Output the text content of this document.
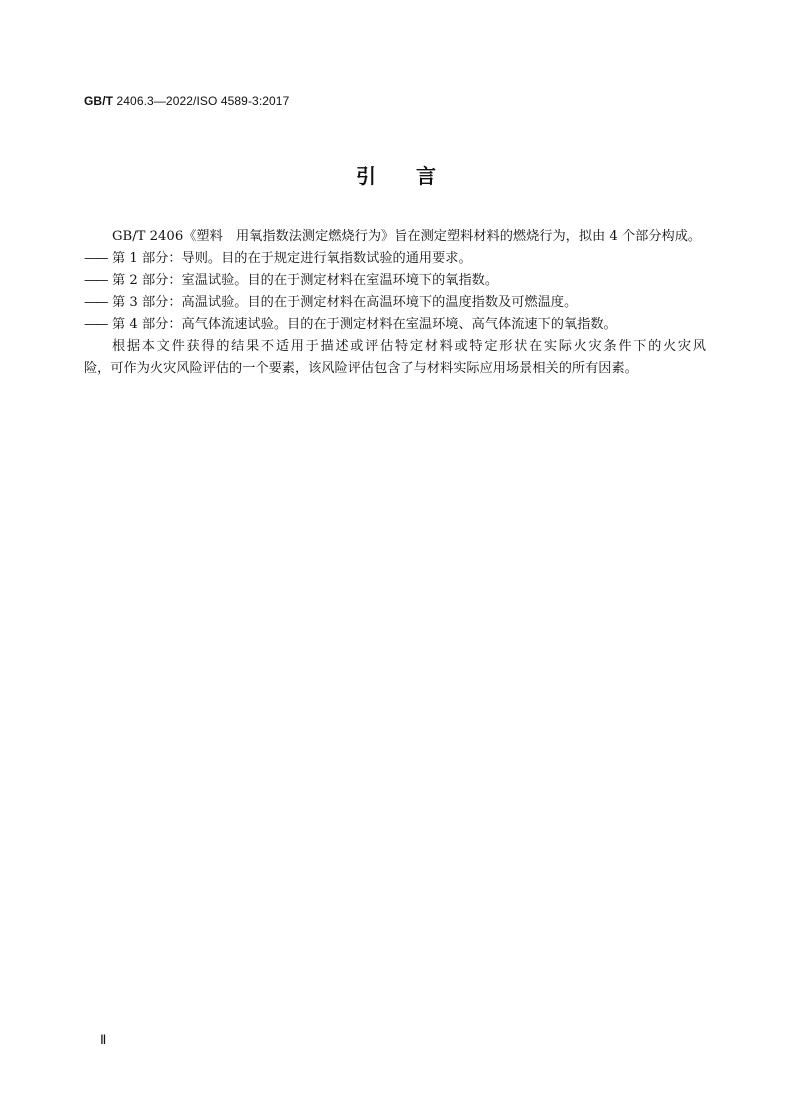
GB/T 2406.3—2022/ISO 4589-3:2017
引 言

GB/T 2406《塑料　用氧指数法测定燃烧行为》旨在测定塑料材料的燃烧行为，拟由 4 个部分构成。

—— 第 1 部分：导则。目的在于规定进行氧指数试验的通用要求。

—— 第 2 部分：室温试验。目的在于测定材料在室温环境下的氧指数。

—— 第 3 部分：高温试验。目的在于测定材料在高温环境下的温度指数及可燃温度。

—— 第 4 部分：高气体流速试验。目的在于测定材料在室温环境、高气体流速下的氧指数。

根据本文件获得的结果不适用于描述或评估特定材料或特定形状在实际火灾条件下的火灾风

险，可作为火灾风险评估的一个要素，该风险评估包含了与材料实际应用场景相关的所有因素。

Ⅱ
